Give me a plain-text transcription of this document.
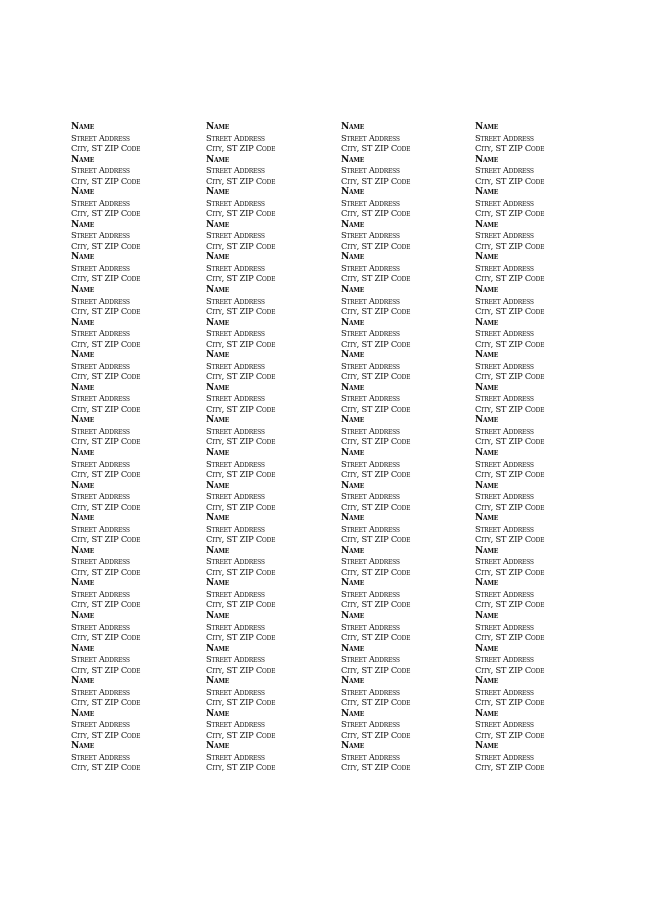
Name
Street Address
City, ST ZIP Code
Name
Street Address
City, ST ZIP Code
Name
Street Address
City, ST ZIP Code
Name
Street Address
City, ST ZIP Code
Name
Street Address
City, ST ZIP Code
Name
Street Address
City, ST ZIP Code
Name
Street Address
City, ST ZIP Code
Name
Street Address
City, ST ZIP Code
Name
Street Address
City, ST ZIP Code
Name
Street Address
City, ST ZIP Code
Name
Street Address
City, ST ZIP Code
Name
Street Address
City, ST ZIP Code
Name
Street Address
City, ST ZIP Code
Name
Street Address
City, ST ZIP Code
Name
Street Address
City, ST ZIP Code
Name
Street Address
City, ST ZIP Code
Name
Street Address
City, ST ZIP Code
Name
Street Address
City, ST ZIP Code
Name
Street Address
City, ST ZIP Code
Name
Street Address
City, ST ZIP Code
Name
Street Address
City, ST ZIP Code
Name
Street Address
City, ST ZIP Code
Name
Street Address
City, ST ZIP Code
Name
Street Address
City, ST ZIP Code
Name
Street Address
City, ST ZIP Code
Name
Street Address
City, ST ZIP Code
Name
Street Address
City, ST ZIP Code
Name
Street Address
City, ST ZIP Code
Name
Street Address
City, ST ZIP Code
Name
Street Address
City, ST ZIP Code
Name
Street Address
City, ST ZIP Code
Name
Street Address
City, ST ZIP Code
Name
Street Address
City, ST ZIP Code
Name
Street Address
City, ST ZIP Code
Name
Street Address
City, ST ZIP Code
Name
Street Address
City, ST ZIP Code
Name
Street Address
City, ST ZIP Code
Name
Street Address
City, ST ZIP Code
Name
Street Address
City, ST ZIP Code
Name
Street Address
City, ST ZIP Code
Name
Street Address
City, ST ZIP Code
Name
Street Address
City, ST ZIP Code
Name
Street Address
City, ST ZIP Code
Name
Street Address
City, ST ZIP Code
Name
Street Address
City, ST ZIP Code
Name
Street Address
City, ST ZIP Code
Name
Street Address
City, ST ZIP Code
Name
Street Address
City, ST ZIP Code
Name
Street Address
City, ST ZIP Code
Name
Street Address
City, ST ZIP Code
Name
Street Address
City, ST ZIP Code
Name
Street Address
City, ST ZIP Code
Name
Street Address
City, ST ZIP Code
Name
Street Address
City, ST ZIP Code
Name
Street Address
City, ST ZIP Code
Name
Street Address
City, ST ZIP Code
Name
Street Address
City, ST ZIP Code
Name
Street Address
City, ST ZIP Code
Name
Street Address
City, ST ZIP Code
Name
Street Address
City, ST ZIP Code
Name
Street Address
City, ST ZIP Code
Name
Street Address
City, ST ZIP Code
Name
Street Address
City, ST ZIP Code
Name
Street Address
City, ST ZIP Code
Name
Street Address
City, ST ZIP Code
Name
Street Address
City, ST ZIP Code
Name
Street Address
City, ST ZIP Code
Name
Street Address
City, ST ZIP Code
Name
Street Address
City, ST ZIP Code
Name
Street Address
City, ST ZIP Code
Name
Street Address
City, ST ZIP Code
Name
Street Address
City, ST ZIP Code
Name
Street Address
City, ST ZIP Code
Name
Street Address
City, ST ZIP Code
Name
Street Address
City, ST ZIP Code
Name
Street Address
City, ST ZIP Code
Name
Street Address
City, ST ZIP Code
Name
Street Address
City, ST ZIP Code
Name
Street Address
City, ST ZIP Code
Name
Street Address
City, ST ZIP Code
